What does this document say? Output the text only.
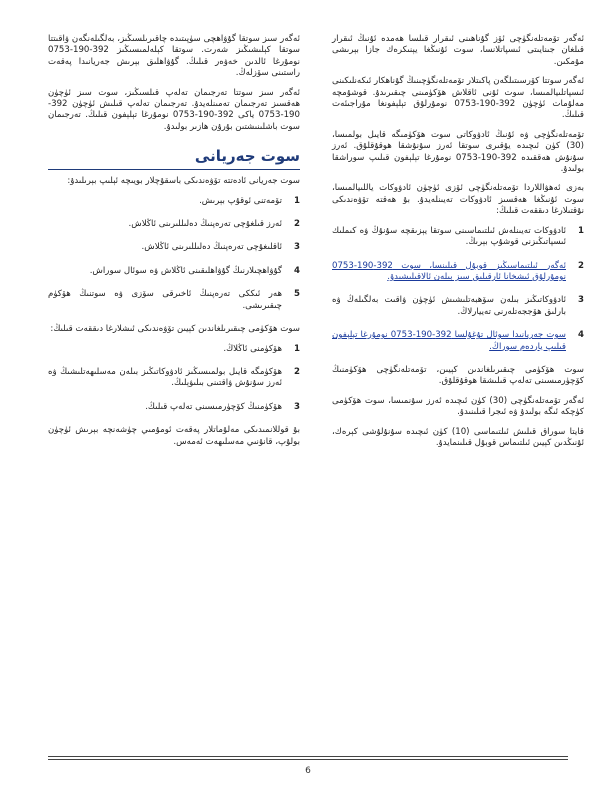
ئەگەر تۆمەتلەنگۈچى ئۆز گۇناھىنى ئىقرار قىلسا ھەمدە ئۇنىڭ ئىقرار قىلغان جىنايىتى ئىسپاتلانسا، سوت ئۇنىڭغا يېنىكرەك جازا بېرىشى مۇمكىن.

ئەگەر سوتتا كۆرسىتىلگەن پاكىتلار تۆمەتلەنگۈچىنىڭ گۇناھكار ئىكەنلىكىنى ئىسپاتلىيالمىسا، سوت ئۇنى ئاقلاش ھۆكۈمىنى چىقىرىدۇ. قوشۇمچە مەلۇمات ئۈچۈن 392-190-0753 نومۇرلۇق تېلېفونغا مۇراجىئەت قىلىڭ.

تۆمەتلەنگۈچى ۋە ئۇنىڭ ئادۋوكاتى سوت ھۆكۈمىگە قايىل بولمىسا، (30) كۈن ئىچىدە يۇقىرى سوتقا ئەرز سۇنۇشقا ھوقۇقلۇق. ئەرز سۇنۇش ھەققىدە 392-190-0753 نومۇرغا تېلېفون قىلىپ سوراشقا بولىدۇ.

بەزى ئەھۋاللاردا تۆمەتلەنگۈچى ئۆزى ئۈچۈن ئادۋوكات ياللىيالمىسا، سوت ئۇنىڭغا ھەقسىز ئادۋوكات تەيىنلەيدۇ. بۇ ھەقتە تۆۋەندىكى نۇقتىلارغا دىققەت قىلىڭ:

1
ئادۋوكات تەيىنلەش ئىلتىماسىنى سوتقا يېزىقچە سۇنۇڭ ۋە كىملىك ئىسپاتىڭىزنى قوشۇپ بېرىڭ.
2
ئەگەر ئىلتىماسىڭىز قوبۇل قىلىنسا، سوت 392-190-0753 نومۇرلۇق ئىشخانا ئارقىلىق سىز بىلەن ئالاقىلىشىدۇ.
3
ئادۋوكاتىڭىز بىلەن سۆھبەتلىشىش ئۈچۈن ۋاقىت بەلگىلەڭ ۋە بارلىق ھۆججەتلەرنى تەييارلاڭ.
4
سوت جەريانىدا سوئال تۇغۇلسا 392-190-0753 نومۇرغا تېلېفون قىلىپ ياردەم سوراڭ.

سوت ھۆكۈمى چىقىرىلغاندىن كېيىن، تۆمەتلەنگۈچى ھۆكۈمنىڭ كۆچۈرمىسىنى تەلەپ قىلىشقا ھوقۇقلۇق.

ئەگەر تۆمەتلەنگۈچى (30) كۈن ئىچىدە ئەرز سۇنمىسا، سوت ھۆكۈمى كۈچكە ئىگە بولىدۇ ۋە ئىجرا قىلىنىدۇ.

قايتا سوراق قىلىش ئىلتىماسى (10) كۈن ئىچىدە سۇنۇلۇشى كېرەك، ئۇنىڭدىن كېيىن ئىلتىماس قوبۇل قىلىنمايدۇ.

ئەگەر سىز سوتقا گۇۋاھچى سۈپىتىدە چاقىرىلسىڭىز، بەلگىلەنگەن ۋاقىتتا سوتقا كېلىشىڭىز شەرت. سوتقا كېلەلمىسىڭىز 392-190-0753 نومۇرغا ئالدىن خەۋەر قىلىڭ. گۇۋاھلىق بېرىش جەريانىدا پەقەت راستىنى سۆزلەڭ.

ئەگەر سىز سوتتا تەرجىمان تەلەپ قىلسىڭىز، سوت سىز ئۈچۈن ھەقسىز تەرجىمان تەمىنلەيدۇ. تەرجىمان تەلەپ قىلىش ئۈچۈن 392-190-0753 ياكى 392-190-0753 نومۇرغا تېلېفون قىلىڭ. تەرجىمان سوت باشلىنىشتىن بۇرۇن ھازىر بولىدۇ.

سوت جەريانى

سوت جەريانى ئادەتتە تۆۋەندىكى باسقۇچلار بويىچە ئېلىپ بېرىلىدۇ:

1
تۆمەتنى ئوقۇپ بېرىش.
2
ئەرز قىلغۇچى تەرەپنىڭ دەلىللىرىنى ئاڭلاش.
3
ئاقلىغۇچى تەرەپنىڭ دەلىللىرىنى ئاڭلاش.
4
گۇۋاھچىلارنىڭ گۇۋاھلىقىنى ئاڭلاش ۋە سوئال سوراش.
5
ھەر ئىككى تەرەپنىڭ ئاخىرقى سۆزى ۋە سوتنىڭ ھۆكۈم چىقىرىشى.

سوت ھۆكۈمى چىقىرىلغاندىن كېيىن تۆۋەندىكى ئىشلارغا دىققەت قىلىڭ:

1
ھۆكۈمنى ئاڭلاڭ.
2
ھۆكۈمگە قايىل بولمىسىڭىز ئادۋوكاتىڭىز بىلەن مەسلىھەتلىشىڭ ۋە ئەرز سۇنۇش ۋاقتىنى بىلىۋېلىڭ.
3
ھۆكۈمنىڭ كۆچۈرمىسىنى تەلەپ قىلىڭ.

بۇ قوللانمىدىكى مەلۇماتلار پەقەت ئومۇمىي چۈشەنچە بېرىش ئۈچۈن بولۇپ، قانۇنىي مەسلىھەت ئەمەس.

6
